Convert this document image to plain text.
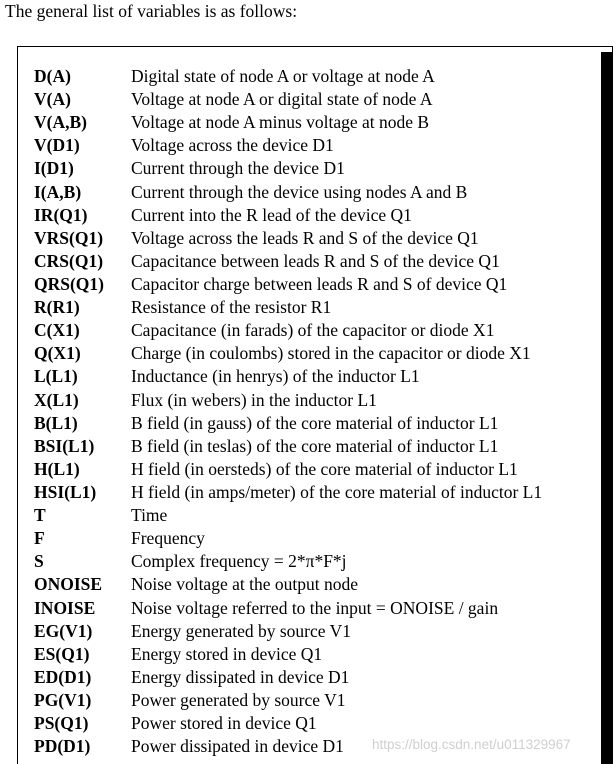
The general list of variables is as follows:
D(A)	Digital state of node A or voltage at node A
V(A)	Voltage at node A or digital state of node A
V(A,B)	Voltage at node A minus voltage at node B
V(D1)	Voltage across the device D1
I(D1)	Current through the device D1
I(A,B)	Current through the device using nodes A and B
IR(Q1)	Current into the R lead of the device Q1
VRS(Q1)	Voltage across the leads R and S of the device Q1
CRS(Q1)	Capacitance between leads R and S of the device Q1
QRS(Q1)	Capacitor charge between leads R and S of device Q1
R(R1)	Resistance of the resistor R1
C(X1)	Capacitance (in farads) of the capacitor or diode X1
Q(X1)	Charge (in coulombs) stored in the capacitor or diode X1
L(L1)	Inductance (in henrys) of the inductor L1
X(L1)	Flux (in webers) in the inductor L1
B(L1)	B field (in gauss) of the core material of inductor L1
BSI(L1)	B field (in teslas) of the core material of inductor L1
H(L1)	H field (in oersteds) of the core material of inductor L1
HSI(L1)	H field (in amps/meter) of the core material of inductor L1
T	Time
F	Frequency
S	Complex frequency = 2*π*F*j
ONOISE	Noise voltage at the output node
INOISE	Noise voltage referred to the input = ONOISE / gain
EG(V1)	Energy generated by source V1
ES(Q1)	Energy stored in device Q1
ED(D1)	Energy dissipated in device D1
PG(V1)	Power generated by source V1
PS(Q1)	Power stored in device Q1
PD(D1)	Power dissipated in device D1 https://blog.csdn.net/u011329967
